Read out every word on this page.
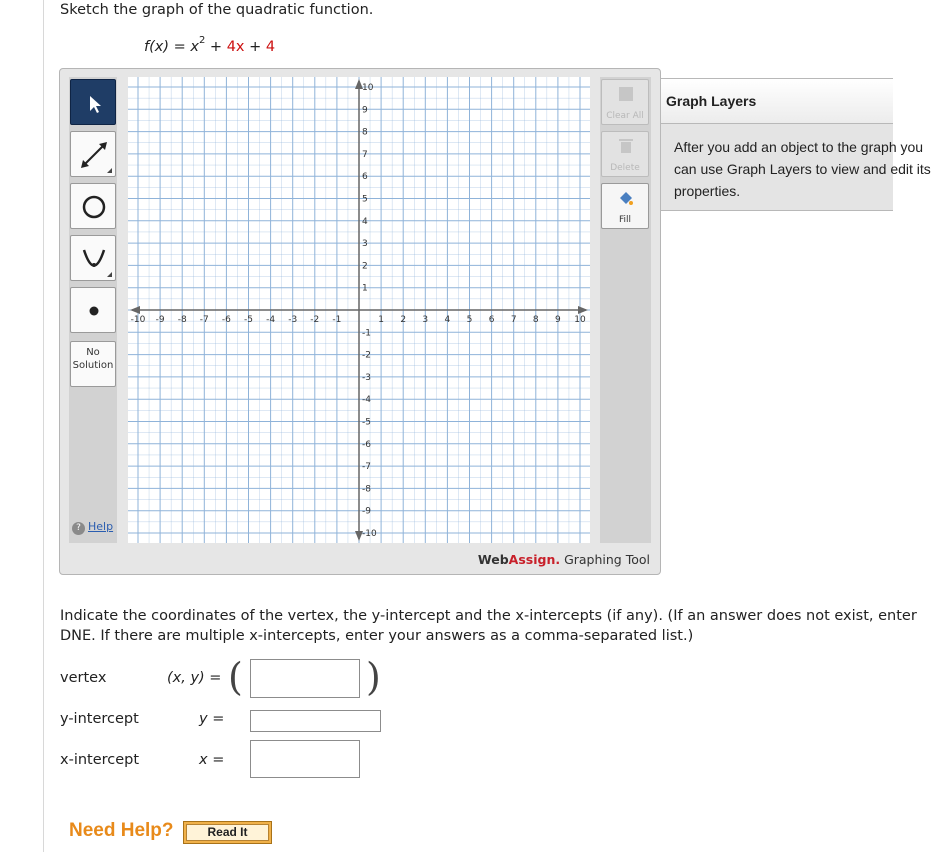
Sketch the graph of the quadratic function.
$f(x) = x^2 + 4x + 4$
No
Solution
? Help
-10 -9 -8 -7 -6 -5 -4 -3 -2 -1	1 2 3 4 5 6 7 8 9 10
10
9
8
7
6
5
4
3
2
1
-1
-2
-3
-4
-5
-6
-7
-8
-9
-10
Clear All
Delete
Fill
WebAssign. Graphing Tool
Graph Layers
After you add an object to the graph you
can use Graph Layers to view and edit its
properties.
Indicate the coordinates of the vertex, the y-intercept and the x-intercepts (if any). (If an answer does not exist, enter
DNE. If there are multiple x-intercepts, enter your answers as a comma-separated list.)
vertex	(x, y) = (	)
y-intercept	y =
x-intercept	x =
Need Help?	Read It
